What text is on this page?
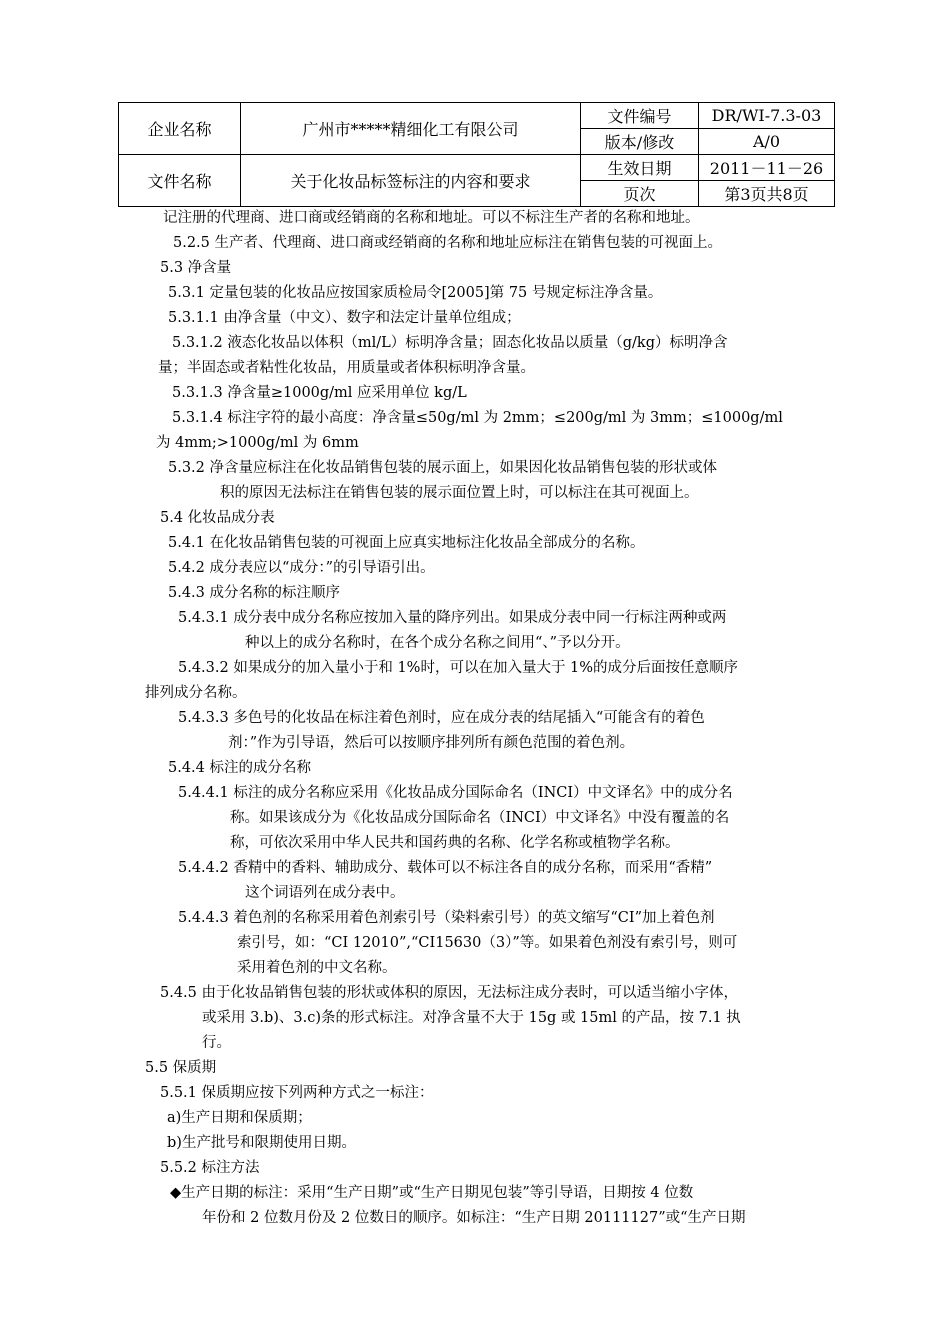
企业名称	广州市*****精细化工有限公司	文件编号	DR/WI-7.3-03
		版本/修改	A/0
文件名称	关于化妆品标签标注的内容和要求	生效日期	2011－11－26
		页次	第3页共8页

记注册的代理商、进口商或经销商的名称和地址。可以不标注生产者的名称和地址。

5.2.5 生产者、代理商、进口商或经销商的名称和地址应标注在销售包装的可视面上。

5.3 净含量

5.3.1 定量包装的化妆品应按国家质检局令[2005]第 75 号规定标注净含量。

5.3.1.1 由净含量（中文）、数字和法定计量单位组成；

5.3.1.2 液态化妆品以体积（ml/L）标明净含量；固态化妆品以质量（g/kg）标明净含

量；半固态或者粘性化妆品，用质量或者体积标明净含量。

5.3.1.3 净含量≥1000g/ml 应采用单位 kg/L

5.3.1.4 标注字符的最小高度：净含量≤50g/ml 为 2mm；≤200g/ml 为 3mm；≤1000g/ml

为 4mm;>1000g/ml 为 6mm

5.3.2 净含量应标注在化妆品销售包装的展示面上，如果因化妆品销售包装的形状或体

积的原因无法标注在销售包装的展示面位置上时，可以标注在其可视面上。

5.4 化妆品成分表

5.4.1 在化妆品销售包装的可视面上应真实地标注化妆品全部成分的名称。

5.4.2 成分表应以“成分：”的引导语引出。

5.4.3 成分名称的标注顺序

5.4.3.1 成分表中成分名称应按加入量的降序列出。如果成分表中同一行标注两种或两

种以上的成分名称时，在各个成分名称之间用“、”予以分开。

5.4.3.2 如果成分的加入量小于和 1%时，可以在加入量大于 1%的成分后面按任意顺序

排列成分名称。

5.4.3.3 多色号的化妆品在标注着色剂时，应在成分表的结尾插入“可能含有的着色

剂：”作为引导语，然后可以按顺序排列所有颜色范围的着色剂。

5.4.4 标注的成分名称

5.4.4.1 标注的成分名称应采用《化妆品成分国际命名（INCI）中文译名》中的成分名

称。如果该成分为《化妆品成分国际命名（INCI）中文译名》中没有覆盖的名

称，可依次采用中华人民共和国药典的名称、化学名称或植物学名称。

5.4.4.2 香精中的香料、辅助成分、载体可以不标注各自的成分名称，而采用“香精”

这个词语列在成分表中。

5.4.4.3 着色剂的名称采用着色剂索引号（染料索引号）的英文缩写“CI”加上着色剂

索引号，如：“CI 12010”,“CI15630（3）”等。如果着色剂没有索引号，则可

采用着色剂的中文名称。

5.4.5 由于化妆品销售包装的形状或体积的原因，无法标注成分表时，可以适当缩小字体，

或采用 3.b)、3.c)条的形式标注。对净含量不大于 15g 或 15ml 的产品，按 7.1 执

行。

5.5 保质期

5.5.1 保质期应按下列两种方式之一标注：

a)生产日期和保质期；

b)生产批号和限期使用日期。

5.5.2 标注方法

◆生产日期的标注：采用“生产日期”或“生产日期见包装”等引导语，日期按 4 位数

年份和 2 位数月份及 2 位数日的顺序。如标注：“生产日期 20111127”或“生产日期
